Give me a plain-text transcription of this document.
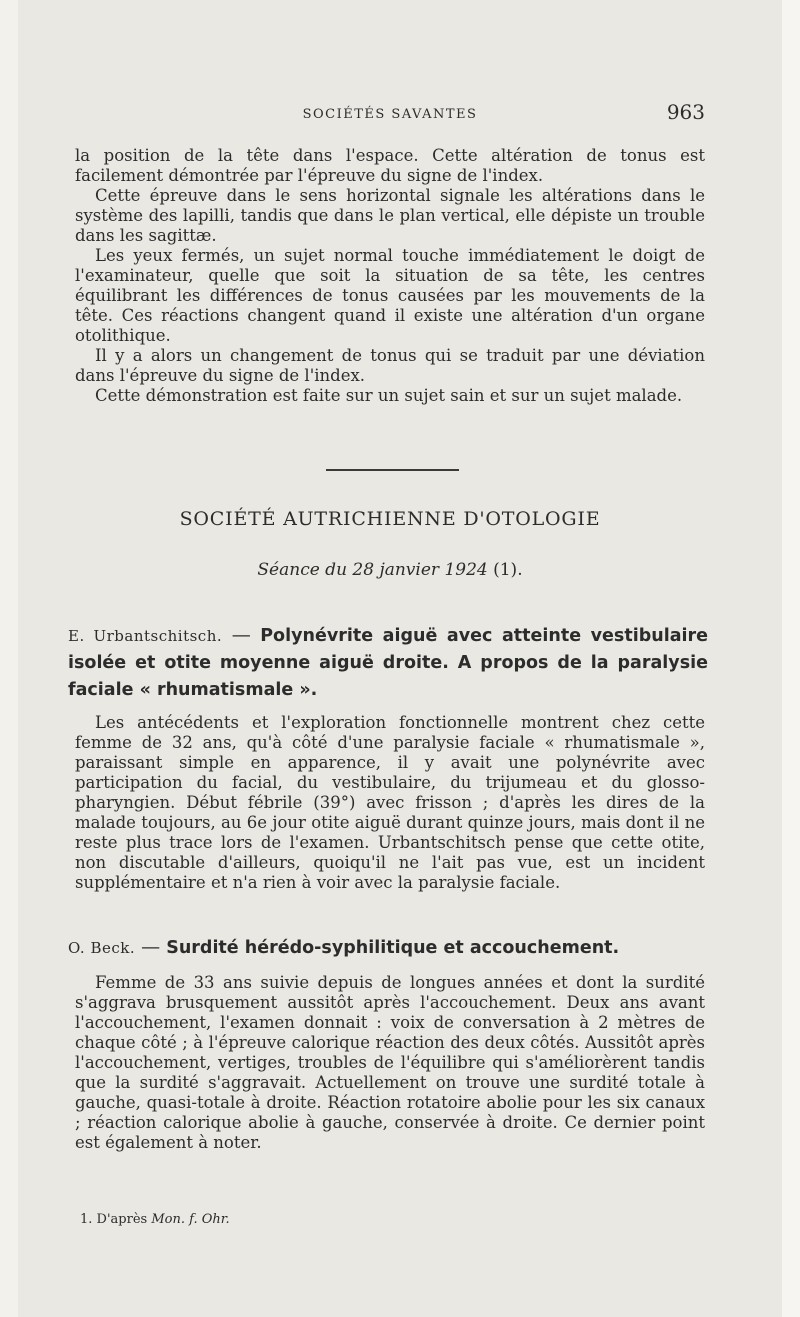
SOCIÉTÉS SAVANTES	963

la position de la tête dans l'espace. Cette altération de tonus est facilement démontrée par l'épreuve du signe de l'index.

Cette épreuve dans le sens horizontal signale les altérations dans le système des lapilli, tandis que dans le plan vertical, elle dépiste un trouble dans les sagittæ.

Les yeux fermés, un sujet normal touche immédiatement le doigt de l'examinateur, quelle que soit la situation de sa tête, les centres équilibrant les différences de tonus causées par les mouvements de la tête. Ces réactions changent quand il existe une altération d'un organe otolithique.

Il y a alors un changement de tonus qui se traduit par une déviation dans l'épreuve du signe de l'index.

Cette démonstration est faite sur un sujet sain et sur un sujet malade.

SOCIÉTÉ AUTRICHIENNE D'OTOLOGIE
Séance du 28 janvier 1924 (1).
E. Urbantschitsch. — Polynévrite aiguë avec atteinte vestibulaire isolée et otite moyenne aiguë droite. A propos de la paralysie faciale « rhumatismale ».

Les antécédents et l'exploration fonctionnelle montrent chez cette femme de 32 ans, qu'à côté d'une paralysie faciale « rhumatismale », paraissant simple en apparence, il y avait une polynévrite avec participation du facial, du vestibulaire, du trijumeau et du glosso-pharyngien. Début fébrile (39°) avec frisson ; d'après les dires de la malade toujours, au 6e jour otite aiguë durant quinze jours, mais dont il ne reste plus trace lors de l'examen. Urbantschitsch pense que cette otite, non discutable d'ailleurs, quoiqu'il ne l'ait pas vue, est un incident supplémentaire et n'a rien à voir avec la paralysie faciale.

O. Beck. — Surdité hérédo-syphilitique et accouchement.

Femme de 33 ans suivie depuis de longues années et dont la surdité s'aggrava brusquement aussitôt après l'accouchement. Deux ans avant l'accouchement, l'examen donnait : voix de conversation à 2 mètres de chaque côté ; à l'épreuve calorique réaction des deux côtés. Aussitôt après l'accouchement, vertiges, troubles de l'équilibre qui s'améliorèrent tandis que la surdité s'aggravait. Actuellement on trouve une surdité totale à gauche, quasi-totale à droite. Réaction rotatoire abolie pour les six canaux ; réaction calorique abolie à gauche, conservée à droite. Ce dernier point est également à noter.

1. D'après Mon. f. Ohr.
